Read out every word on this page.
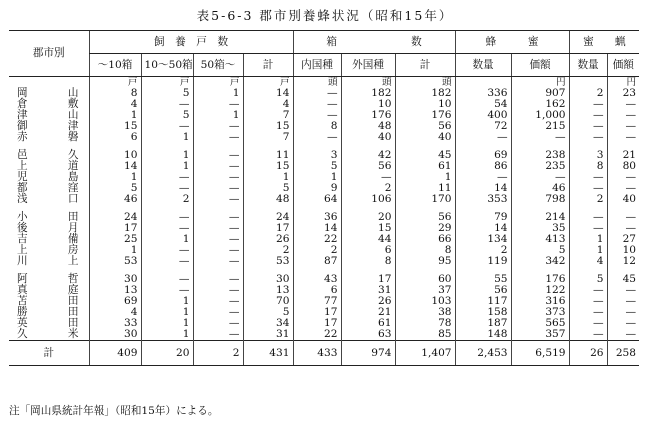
表5-6-3 郡市別養蜂状況（昭和15年）
郡市別	飼　養　戸　数				箱　　　　　　　数			蜂　　　蜜		蜜　　蝋	
	～10箱	10～50箱	50箱～	計	内国種	外国種	計	数量	価額	数量	価額
	戸	戸	戸	戸	頭	頭	頭		円		円
岡山	8	5	1	14	—	182	182	336	907	2	23
倉敷	4	—	—	4	—	10	10	54	162	—	—
津山	1	5	1	7	—	176	176	400	1,000	—	—
御津	15	—	—	15	8	48	56	72	215	—	—
赤磐	6	1	—	7	—	40	40	—	—	—	—

邑久	10	1	—	11	3	42	45	69	238	3	21
上道	14	1	—	15	5	56	61	86	235	8	80
児島	1	—	—	1	1	—	1	—	—	—	—
都窪	5	—	—	5	9	2	11	14	46	—	—
浅口	46	2	—	48	64	106	170	353	798	2	40

小田	24	—	—	24	36	20	56	79	214	—	—
後月	17	—	—	17	14	15	29	14	35	—	—
吉備	25	1	—	26	22	44	66	134	413	1	27
上房	1	—	—	2	2	6	8	2	5	1	10
川上	53	—	—	53	87	8	95	119	342	4	12

阿哲	30	—	—	30	43	17	60	55	176	5	45
真庭	13	—	—	13	6	31	37	56	122	—	—
苫田	69	1	—	70	77	26	103	117	316	—	—
勝田	4	1	—	5	17	21	38	158	373	—	—
英田	33	1	—	34	17	61	78	187	565	—	—
久米	30	1	—	31	22	63	85	148	357	—	—
計	409	20	2	431	433	974	1,407	2,453	6,519	26	258
注「岡山県統計年報」（昭和15年）による。
